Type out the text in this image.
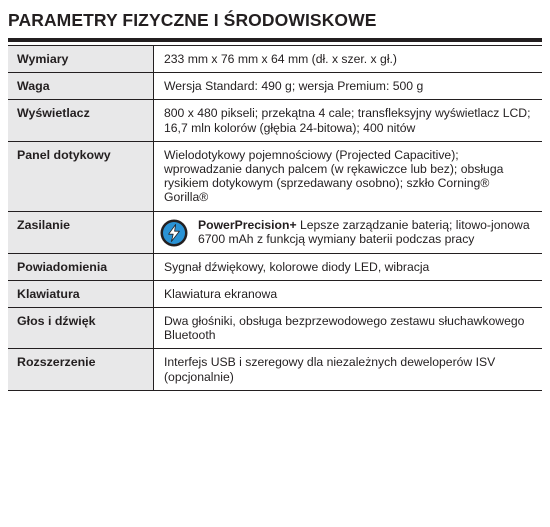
PARAMETRY FIZYCZNE I ŚRODOWISKOWE
Wymiary	233 mm x 76 mm x 64 mm (dł. x szer. x gł.)
Waga	Wersja Standard: 490 g; wersja Premium: 500 g
Wyświetlacz	800 x 480 pikseli; przekątna 4 cale; transfleksyjny wyświetlacz LCD; 16,7 mln kolorów (głębia 24-bitowa); 400 nitów
Panel dotykowy	Wielodotykowy pojemnościowy (Projected Capacitive); wprowadzanie danych palcem (w rękawiczce lub bez); obsługa rysikiem dotykowym (sprzedawany osobno); szkło Corning® Gorilla®
Zasilanie	PowerPrecision+ Lepsze zarządzanie baterią; litowo-jonowa 6700 mAh z funkcją wymiany baterii podczas pracy

Powiadomienia	Sygnał dźwiękowy, kolorowe diody LED, wibracja
Klawiatura	Klawiatura ekranowa
Głos i dźwięk	Dwa głośniki, obsługa bezprzewodowego zestawu słuchawkowego Bluetooth
Rozszerzenie	Interfejs USB i szeregowy dla niezależnych deweloperów ISV (opcjonalnie)
